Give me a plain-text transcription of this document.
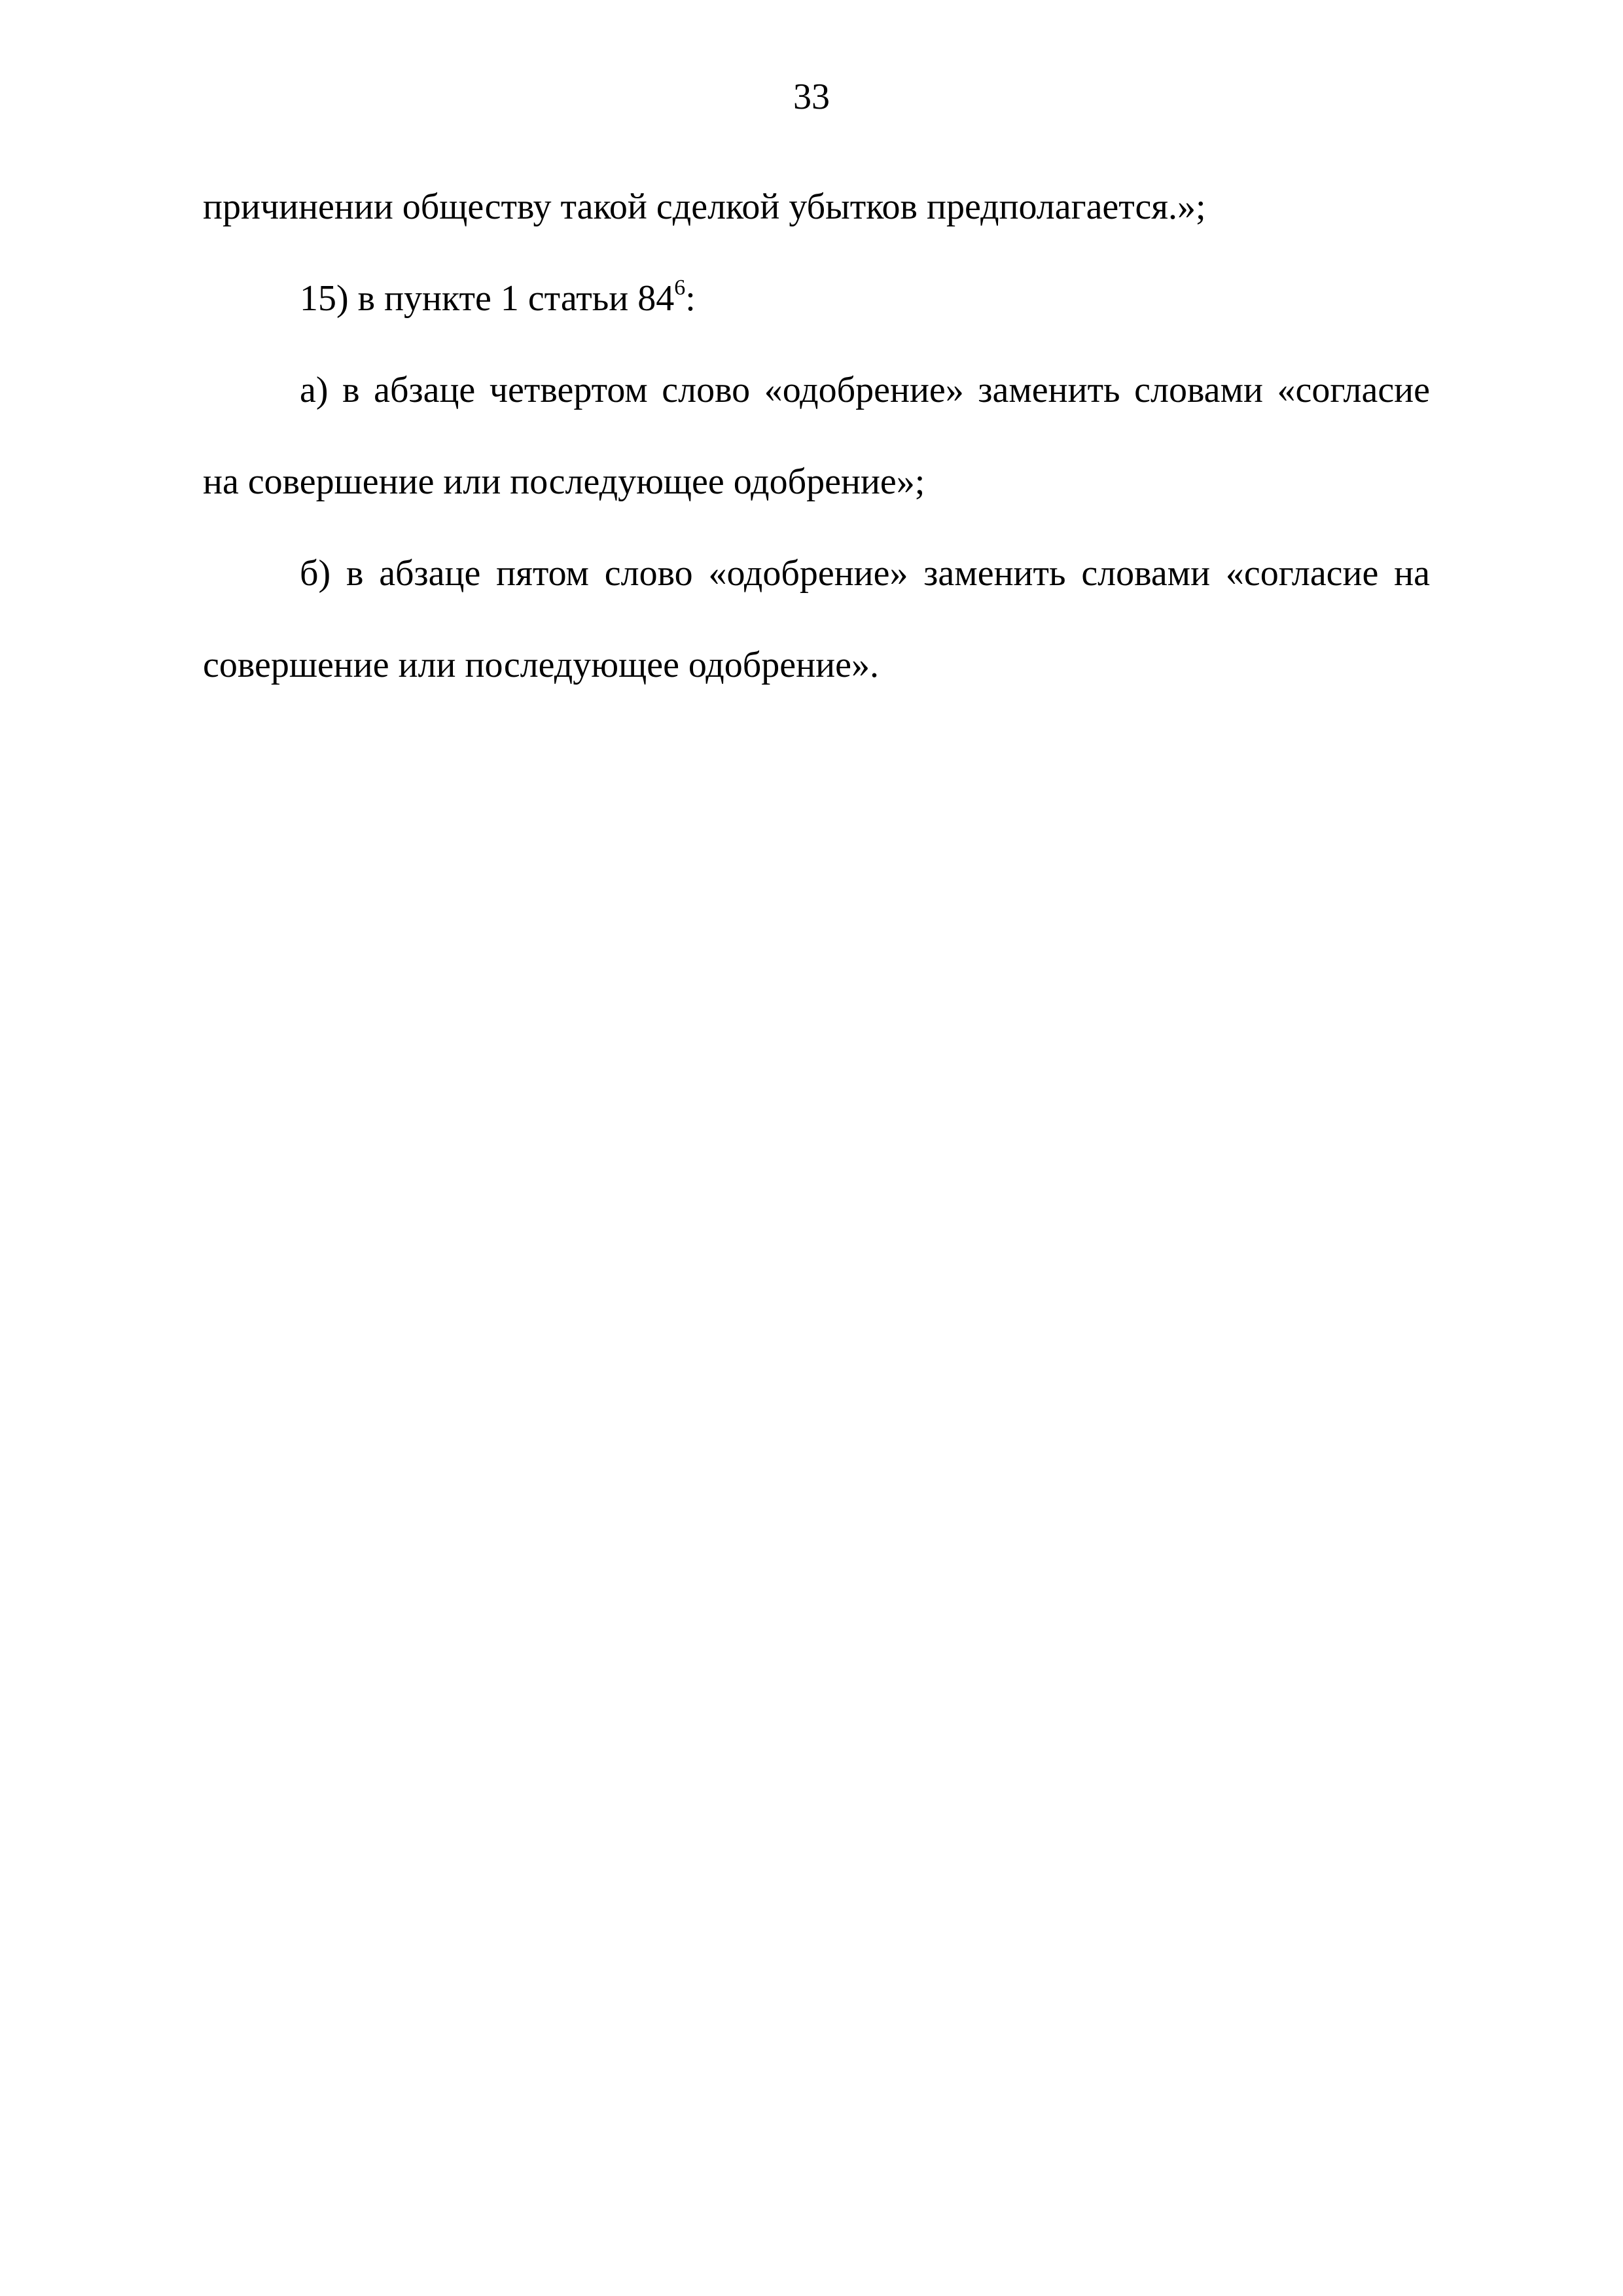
33

причинении обществу такой сделкой убытков предполагается.»;

15) в пункте 1 статьи $84^6$:

а) в абзаце четвертом слово «одобрение» заменить словами «согласие на совершение или последующее одобрение»;

б) в абзаце пятом слово «одобрение» заменить словами «согласие на совершение или последующее одобрение».
